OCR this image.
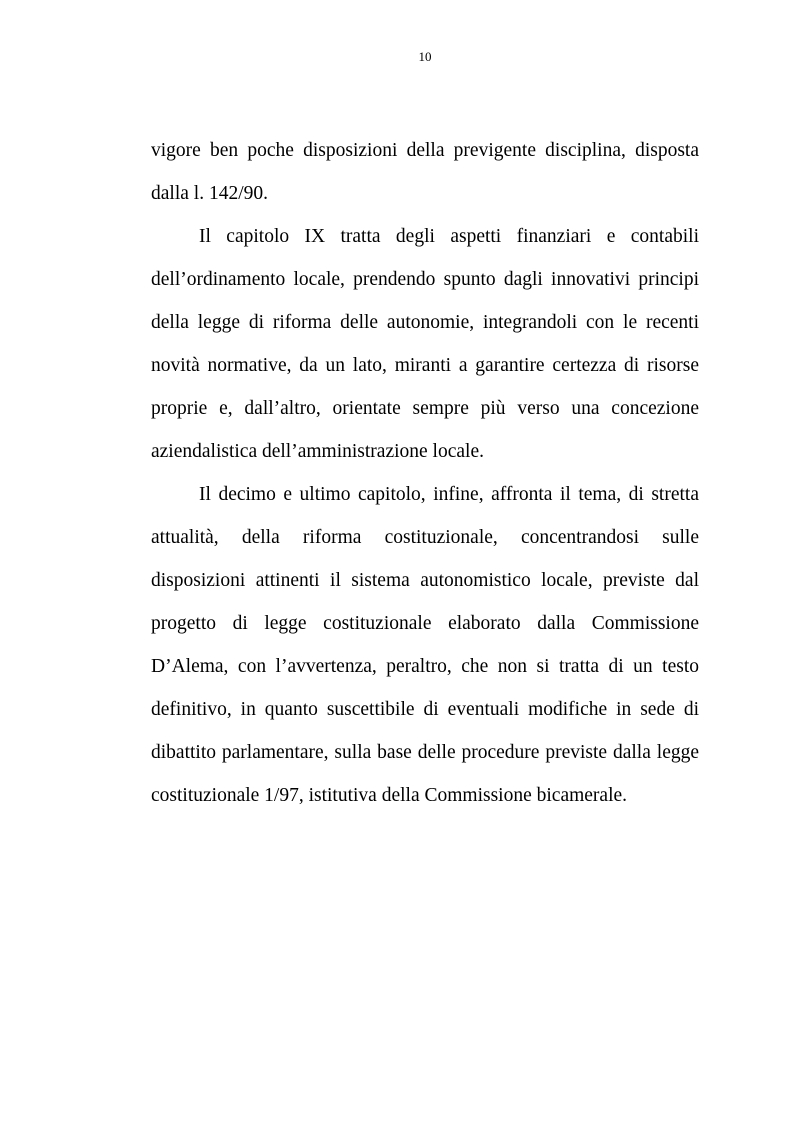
10

vigore ben poche disposizioni della previgente disciplina, disposta dalla l. 142/90.

Il capitolo IX tratta degli aspetti finanziari e contabili dell’ordinamento locale, prendendo spunto dagli innovativi principi della legge di riforma delle autonomie, integrandoli con le recenti novità normative, da un lato, miranti a garantire certezza di risorse proprie e, dall’altro, orientate sempre più verso una concezione aziendalistica dell’amministrazione locale.

Il decimo e ultimo capitolo, infine, affronta il tema, di stretta attualità, della riforma costituzionale, concentrandosi sulle disposizioni attinenti il sistema autonomistico locale, previste dal progetto di legge costituzionale elaborato dalla Commissione D’Alema, con l’avvertenza, peraltro, che non si tratta di un testo definitivo, in quanto suscettibile di eventuali modifiche in sede di dibattito parlamentare, sulla base delle procedure previste dalla legge costituzionale 1/97, istitutiva della Commissione bicamerale.
